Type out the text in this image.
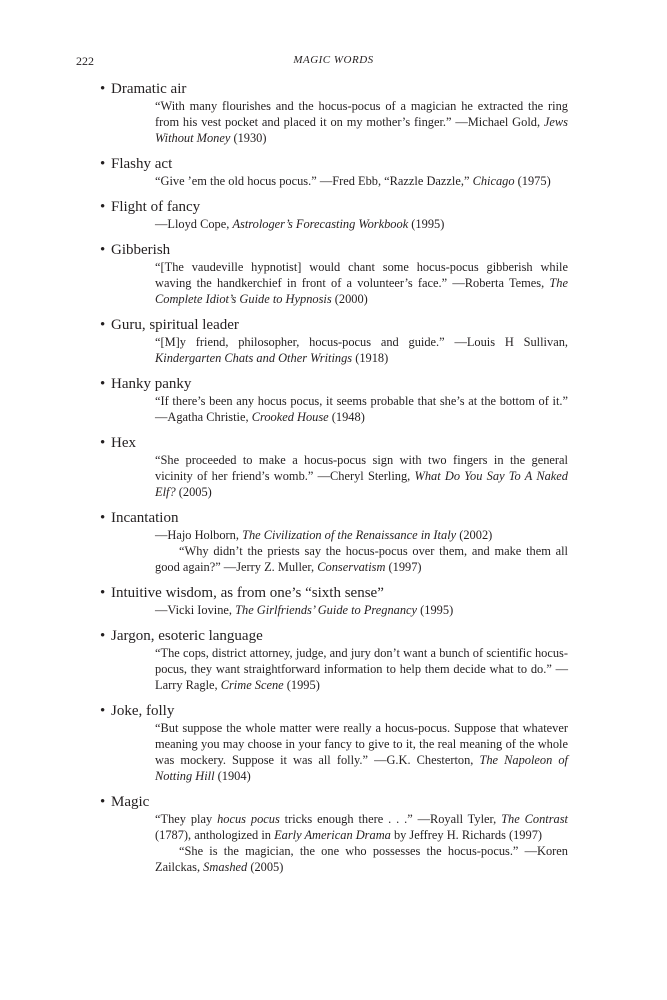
222	MAGIC WORDS
• Dramatic air
“With many flourishes and the hocus-pocus of a magician he extracted the ring from his vest pocket and placed it on my mother’s finger.” —Michael Gold, Jews Without Money (1930)
• Flashy act
“Give ’em the old hocus pocus.” —Fred Ebb, “Razzle Dazzle,” Chicago (1975)
• Flight of fancy
—Lloyd Cope, Astrologer’s Forecasting Workbook (1995)
• Gibberish
“[The vaudeville hypnotist] would chant some hocus-pocus gibberish while waving the handkerchief in front of a volunteer’s face.” —Roberta Temes, The Complete Idiot’s Guide to Hypnosis (2000)
• Guru, spiritual leader
“[M]y friend, philosopher, hocus-pocus and guide.” —Louis H Sullivan, Kindergarten Chats and Other Writings (1918)
• Hanky panky
“If there’s been any hocus pocus, it seems probable that she’s at the bottom of it.” —Agatha Christie, Crooked House (1948)
• Hex
“She proceeded to make a hocus-pocus sign with two fingers in the general vicinity of her friend’s womb.” —Cheryl Sterling, What Do You Say To A Naked Elf? (2005)
• Incantation
—Hajo Holborn, The Civilization of the Renaissance in Italy (2002)
“Why didn’t the priests say the hocus-pocus over them, and make them all good again?” —Jerry Z. Muller, Conservatism (1997)
• Intuitive wisdom, as from one’s “sixth sense”
—Vicki Iovine, The Girlfriends’ Guide to Pregnancy (1995)
• Jargon, esoteric language
“The cops, district attorney, judge, and jury don’t want a bunch of scientific hocus-pocus, they want straightforward information to help them decide what to do.” —Larry Ragle, Crime Scene (1995)
• Joke, folly
“But suppose the whole matter were really a hocus-pocus. Suppose that whatever meaning you may choose in your fancy to give to it, the real meaning of the whole was mockery. Suppose it was all folly.” —G.K. Chesterton, The Napoleon of Notting Hill (1904)
• Magic
“They play hocus pocus tricks enough there . . .” —Royall Tyler, The Contrast (1787), anthologized in Early American Drama by Jeffrey H. Richards (1997)
“She is the magician, the one who possesses the hocus-pocus.” —Koren Zailckas, Smashed (2005)
